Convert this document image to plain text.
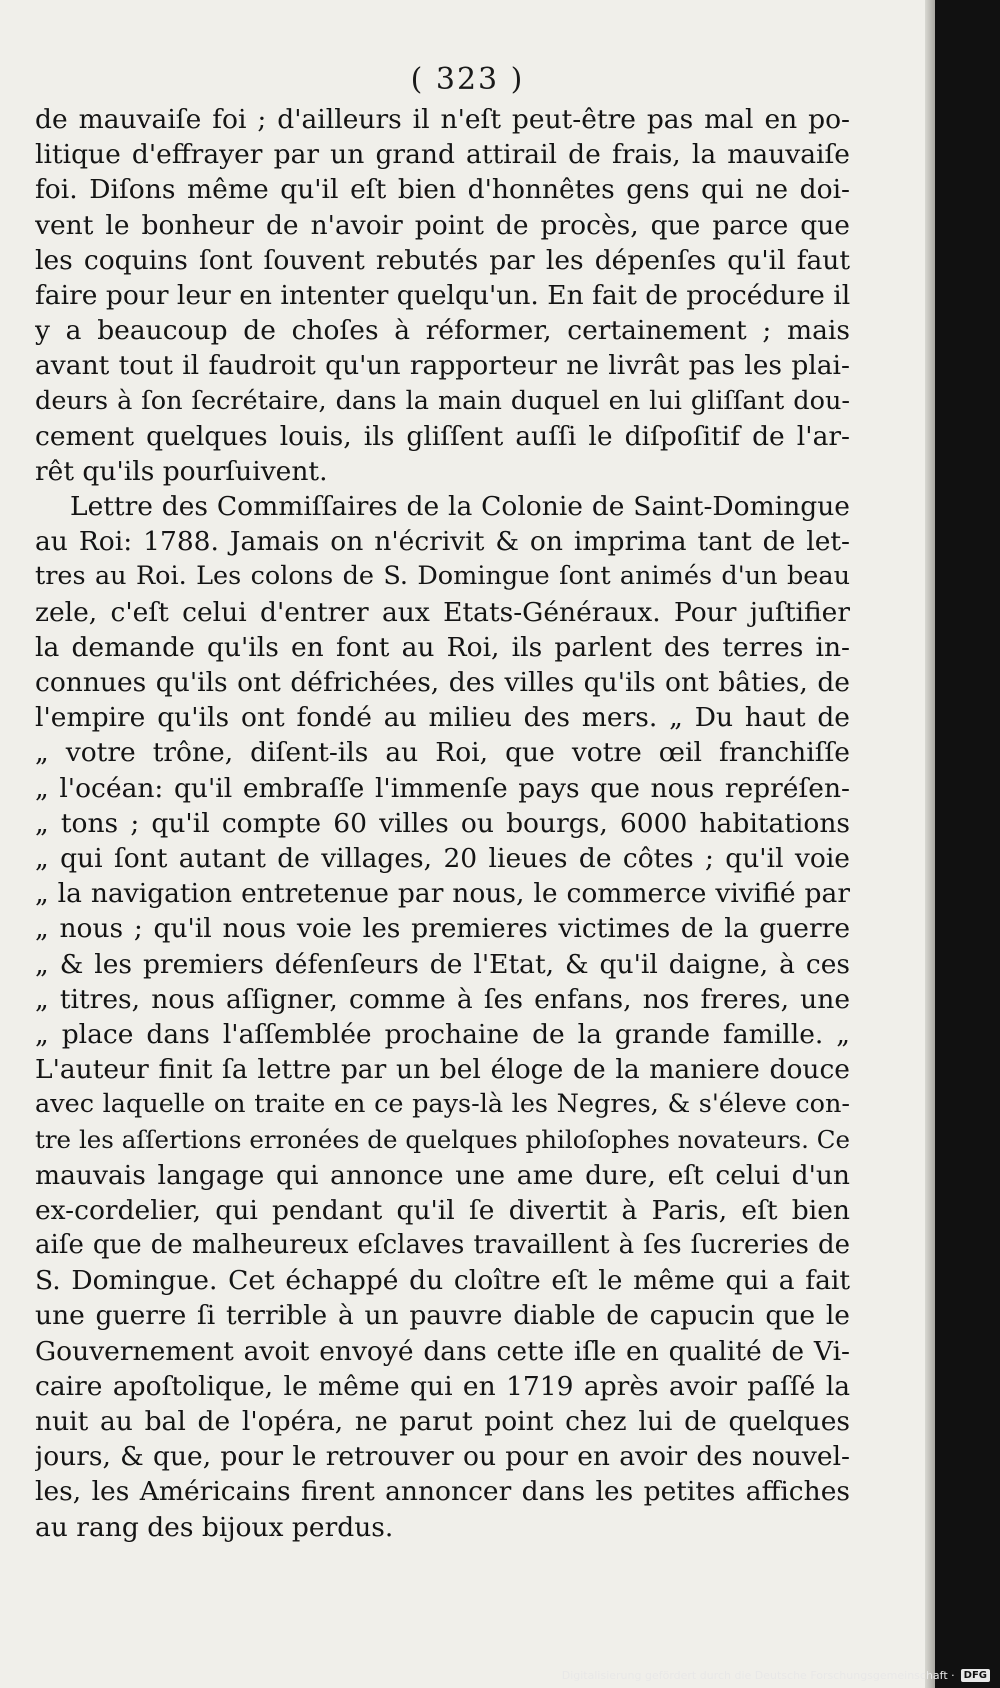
( 323 )
de mauvaiſe foi ; d'ailleurs il n'eſt peut-être pas mal en po-
litique d'effrayer par un grand attirail de frais, la mauvaiſe
foi. Diſons même qu'il eſt bien d'honnêtes gens qui ne doi-
vent le bonheur de n'avoir point de procès, que parce que
les coquins ſont ſouvent rebutés par les dépenſes qu'il faut
faire pour leur en intenter quelqu'un. En fait de procédure il
y a beaucoup de choſes à réformer, certainement ; mais
avant tout il faudroit qu'un rapporteur ne livrât pas les plai-
deurs à ſon ſecrétaire, dans la main duquel en lui gliſſant dou-
cement quelques louis, ils gliſſent auſſi le diſpoſitif de l'ar-
rêt qu'ils pourſuivent.
Lettre des Commiſſaires de la Colonie de Saint-Domingue
au Roi: 1788. Jamais on n'écrivit & on imprima tant de let-
tres au Roi. Les colons de S. Domingue ſont animés d'un beau
zele, c'eſt celui d'entrer aux Etats-Généraux. Pour juſtifier
la demande qu'ils en font au Roi, ils parlent des terres in-
connues qu'ils ont défrichées, des villes qu'ils ont bâties, de
l'empire qu'ils ont fondé au milieu des mers. „ Du haut de
„ votre trône, diſent-ils au Roi, que votre œil franchiſſe
„ l'océan: qu'il embraſſe l'immenſe pays que nous repréſen-
„ tons ; qu'il compte 60 villes ou bourgs, 6000 habitations
„ qui ſont autant de villages, 20 lieues de côtes ; qu'il voie
„ la navigation entretenue par nous, le commerce vivifié par
„ nous ; qu'il nous voie les premieres victimes de la guerre
„ & les premiers défenſeurs de l'Etat, & qu'il daigne, à ces
„ titres, nous aſſigner, comme à ſes enfans, nos freres, une
„ place dans l'aſſemblée prochaine de la grande famille. „
L'auteur finit ſa lettre par un bel éloge de la maniere douce
avec laquelle on traite en ce pays-là les Negres, & s'éleve con-
tre les aſſertions erronées de quelques philoſophes novateurs. Ce
mauvais langage qui annonce une ame dure, eſt celui d'un
ex-cordelier, qui pendant qu'il ſe divertit à Paris, eſt bien
aiſe que de malheureux eſclaves travaillent à ſes ſucreries de
S. Domingue. Cet échappé du cloître eſt le même qui a fait
une guerre ſi terrible à un pauvre diable de capucin que le
Gouvernement avoit envoyé dans cette iſle en qualité de Vi-
caire apoſtolique, le même qui en 1719 après avoir paſſé la
nuit au bal de l'opéra, ne parut point chez lui de quelques
jours, & que, pour le retrouver ou pour en avoir des nouvel-
les, les Américains firent annoncer dans les petites affiches
au rang des bijoux perdus.
Digitalisierung gefördert durch die Deutsche Forschungsgemeinschaft · DFG
